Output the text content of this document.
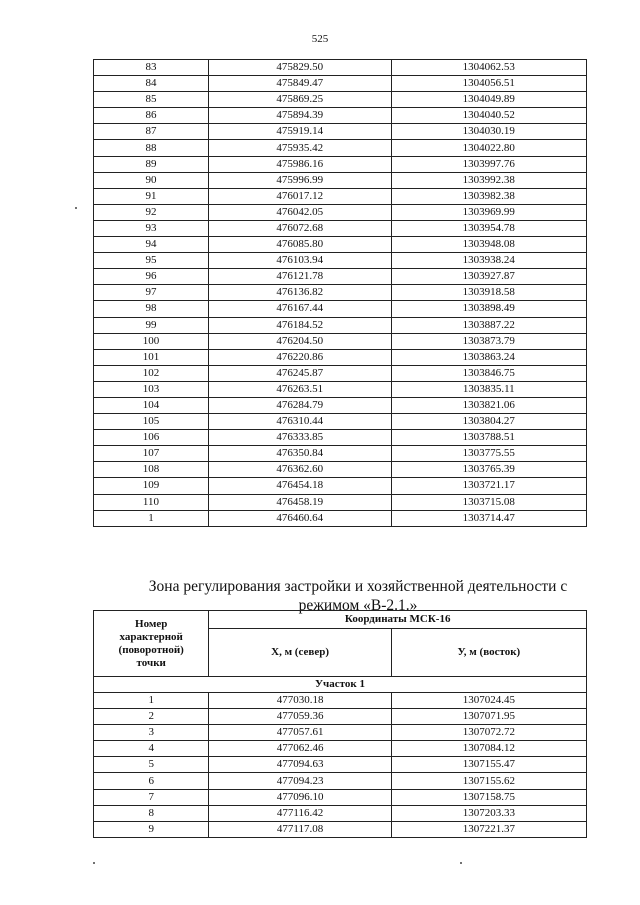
525
83	475829.50	1304062.53
84	475849.47	1304056.51
85	475869.25	1304049.89
86	475894.39	1304040.52
87	475919.14	1304030.19
88	475935.42	1304022.80
89	475986.16	1303997.76
90	475996.99	1303992.38
91	476017.12	1303982.38
92	476042.05	1303969.99
93	476072.68	1303954.78
94	476085.80	1303948.08
95	476103.94	1303938.24
96	476121.78	1303927.87
97	476136.82	1303918.58
98	476167.44	1303898.49
99	476184.52	1303887.22
100	476204.50	1303873.79
101	476220.86	1303863.24
102	476245.87	1303846.75
103	476263.51	1303835.11
104	476284.79	1303821.06
105	476310.44	1303804.27
106	476333.85	1303788.51
107	476350.84	1303775.55
108	476362.60	1303765.39
109	476454.18	1303721.17
110	476458.19	1303715.08
1	476460.64	1303714.47
Зона регулирования застройки и хозяйственной деятельности с
режимом «В-2.1.»
Номер
характерной
(поворотной)
точки	Координаты МСК-16	
	X, м (север)	У, м (восток)
Участок 1		
1	477030.18	1307024.45
2	477059.36	1307071.95
3	477057.61	1307072.72
4	477062.46	1307084.12
5	477094.63	1307155.47
6	477094.23	1307155.62
7	477096.10	1307158.75
8	477116.42	1307203.33
9	477117.08	1307221.37
